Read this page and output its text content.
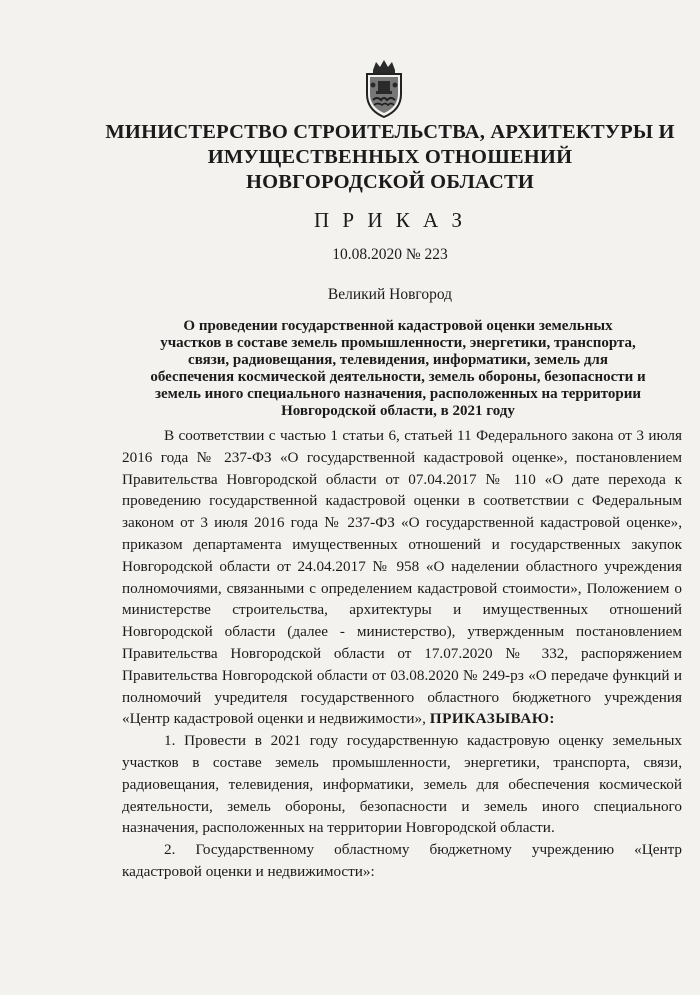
МИНИСТЕРСТВО СТРОИТЕЛЬСТВА, АРХИТЕКТУРЫ И
ИМУЩЕСТВЕННЫХ ОТНОШЕНИЙ
НОВГОРОДСКОЙ ОБЛАСТИ
П Р И К А З
10.08.2020 № 223
Великий Новгород
О проведении государственной кадастровой оценки земельных
участков в составе земель промышленности, энергетики, транспорта,
связи, радиовещания, телевидения, информатики, земель для
обеспечения космической деятельности, земель обороны, безопасности и
земель иного специального назначения, расположенных на территории
Новгородской области, в 2021 году

В соответствии с частью 1 статьи 6, статьей 11 Федерального закона от 3 июля 2016 года № 237-ФЗ «О государственной кадастровой оценке», постановлением Правительства Новгородской области от 07.04.2017 № 110 «О дате перехода к проведению государственной кадастровой оценки в соответствии с Федеральным законом от 3 июля 2016 года № 237-ФЗ «О государственной кадастровой оценке», приказом департамента имущественных отношений и государственных закупок Новгородской области от 24.04.2017 № 958 «О наделении областного учреждения полномочиями, связанными с определением кадастровой стоимости», Положением о министерстве строительства, архитектуры и имущественных отношений Новгородской области (далее - министерство), утвержденным постановлением Правительства Новгородской области от 17.07.2020 № 332, распоряжением Правительства Новгородской области от 03.08.2020 № 249-рз «О передаче функций и полномочий учредителя государственного областного бюджетного учреждения «Центр кадастровой оценки и недвижимости», ПРИКАЗЫВАЮ:

1. Провести в 2021 году государственную кадастровую оценку земельных участков в составе земель промышленности, энергетики, транспорта, связи, радиовещания, телевидения, информатики, земель для обеспечения космической деятельности, земель обороны, безопасности и земель иного специального назначения, расположенных на территории Новгородской области.

2. Государственному областному бюджетному учреждению «Центр кадастровой оценки и недвижимости»:
